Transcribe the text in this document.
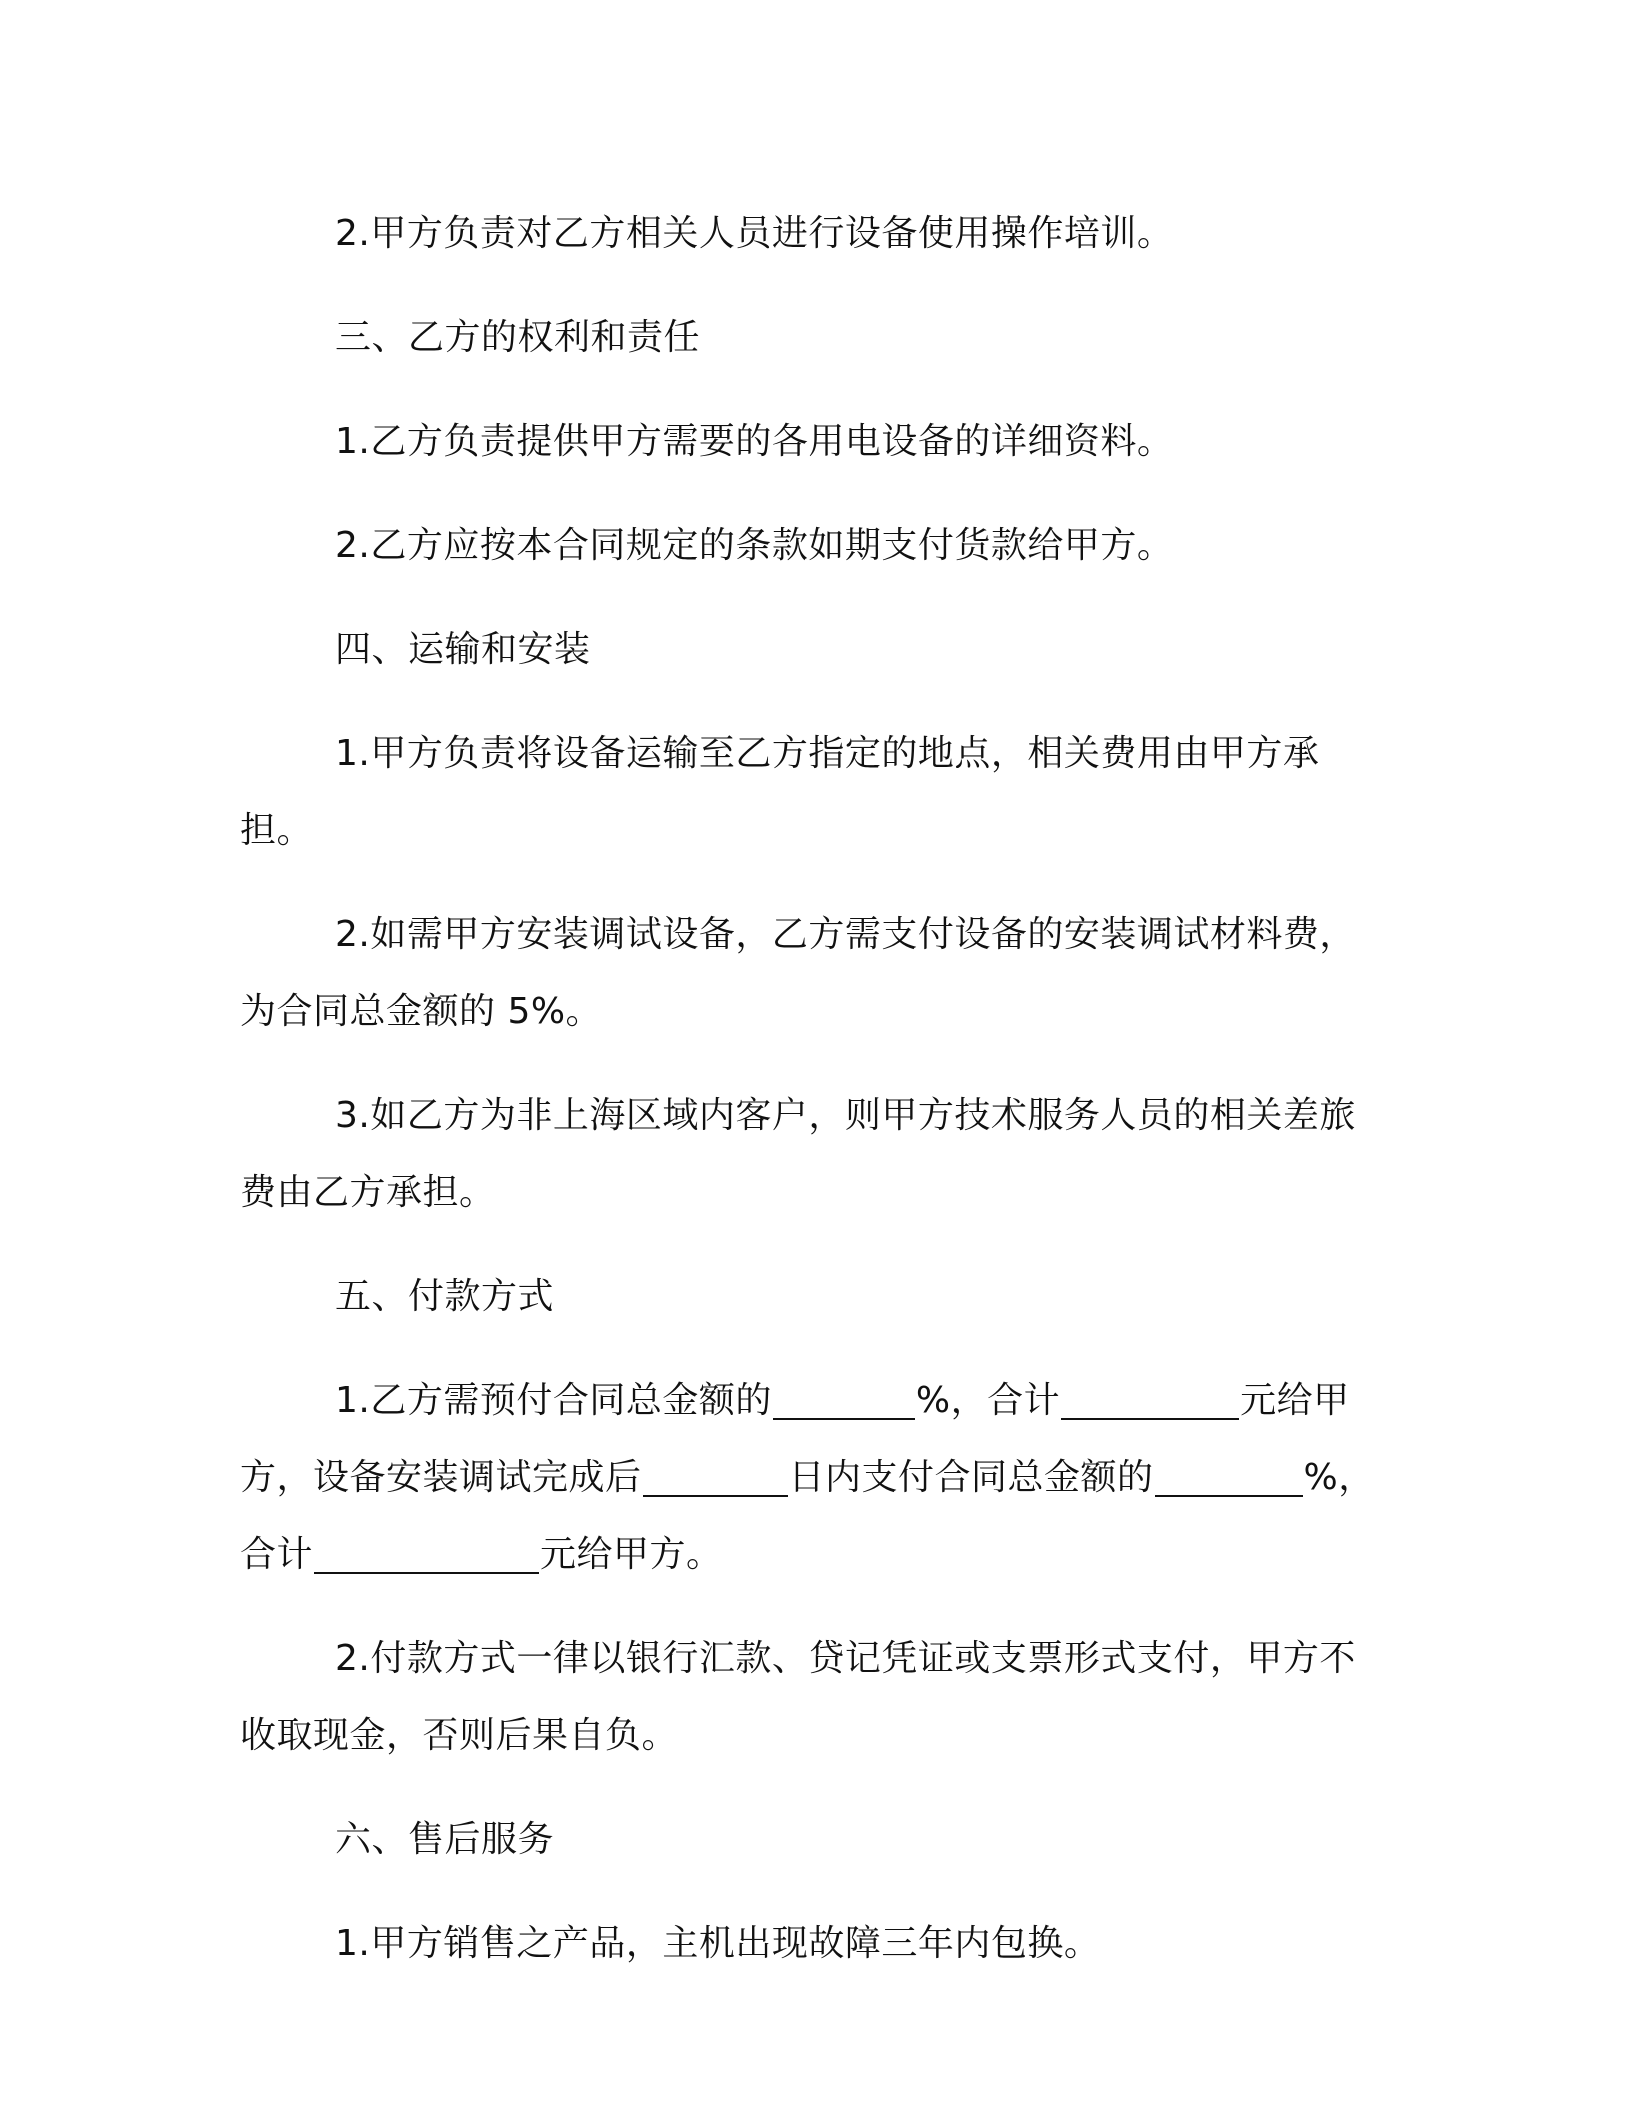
2.甲方负责对乙方相关人员进行设备使用操作培训。

三、乙方的权利和责任

1.乙方负责提供甲方需要的各用电设备的详细资料。

2.乙方应按本合同规定的条款如期支付货款给甲方。

四、运输和安装

1.甲方负责将设备运输至乙方指定的地点，相关费用由甲方承担。

2.如需甲方安装调试设备，乙方需支付设备的安装调试材料费，为合同总金额的 5%。

3.如乙方为非上海区域内客户，则甲方技术服务人员的相关差旅费由乙方承担。

五、付款方式

1.乙方需预付合同总金额的	%，合计	元给甲方，设备安装调试完成后	日内支付合同总金额的	%，合计	元给甲方。

2.付款方式一律以银行汇款、贷记凭证或支票形式支付，甲方不收取现金，否则后果自负。

六、售后服务

1.甲方销售之产品，主机出现故障三年内包换。
